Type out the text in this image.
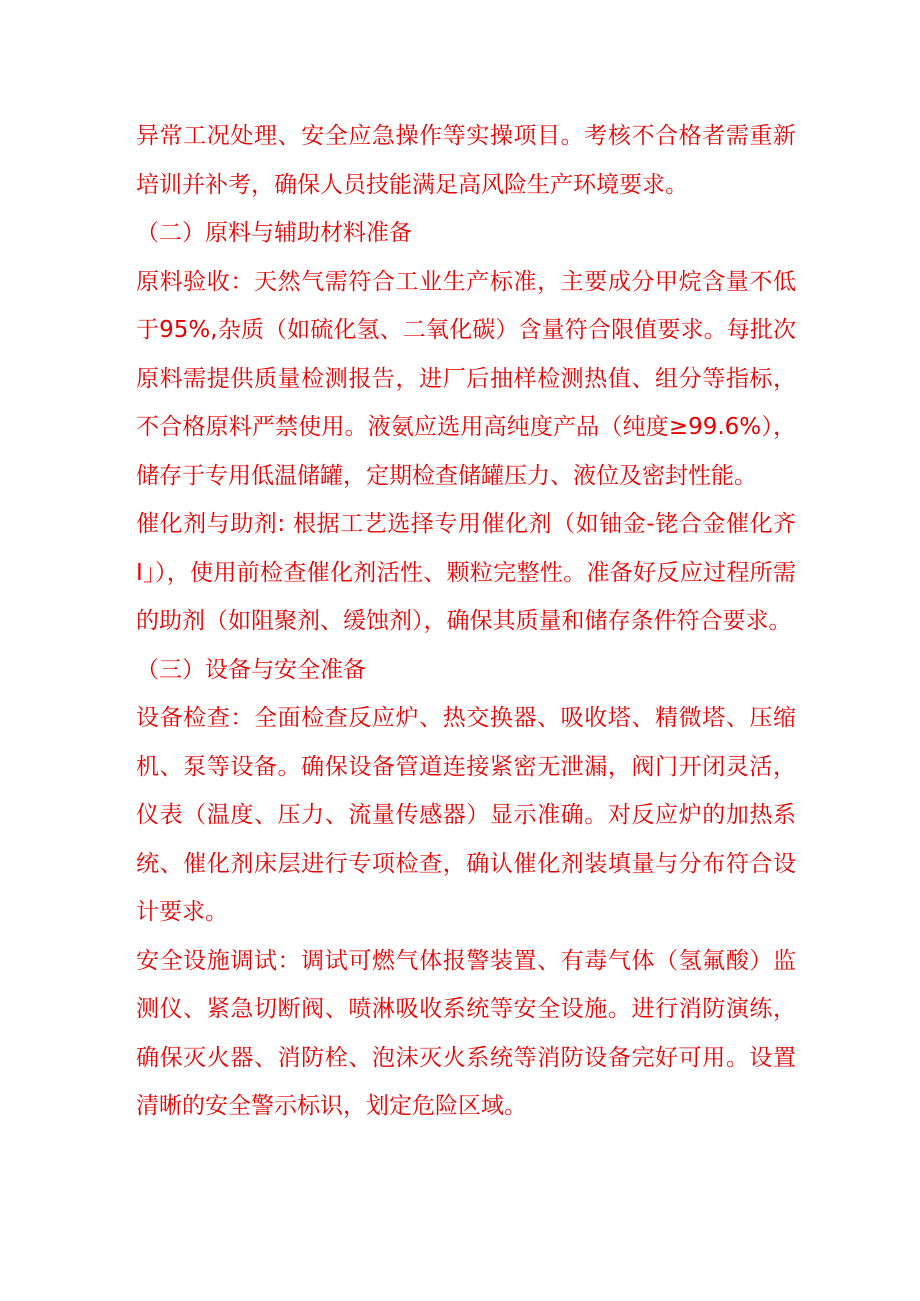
异常工况处理、安全应急操作等实操项目。考核不合格者需重新培训并补考，确保人员技能满足高风险生产环境要求。

（二）原料与辅助材料准备

原料验收：天然气需符合工业生产标准，主要成分甲烷含量不低于95%,杂质（如硫化氢、二氧化碳）含量符合限值要求。每批次原料需提供质量检测报告，进厂后抽样检测热值、组分等指标，不合格原料严禁使用。液氨应选用高纯度产品（纯度≥99.6%），储存于专用低温储罐，定期检查储罐压力、液位及密封性能。

催化剂与助剂: 根据工艺选择专用催化剂（如铀金-铑合金催化齐Ⅰ」），使用前检查催化剂活性、颗粒完整性。准备好反应过程所需的助剂（如阻聚剂、缓蚀剂），确保其质量和储存条件符合要求。

（三）设备与安全准备

设备检查：全面检查反应炉、热交换器、吸收塔、精微塔、压缩机、泵等设备。确保设备管道连接紧密无泄漏，阀门开闭灵活，仪表（温度、压力、流量传感器）显示准确。对反应炉的加热系统、催化剂床层进行专项检查，确认催化剂装填量与分布符合设计要求。

安全设施调试：调试可燃气体报警装置、有毒气体（氢氟酸）监测仪、紧急切断阀、喷淋吸收系统等安全设施。进行消防演练，确保灭火器、消防栓、泡沫灭火系统等消防设备完好可用。设置清晰的安全警示标识，划定危险区域。
